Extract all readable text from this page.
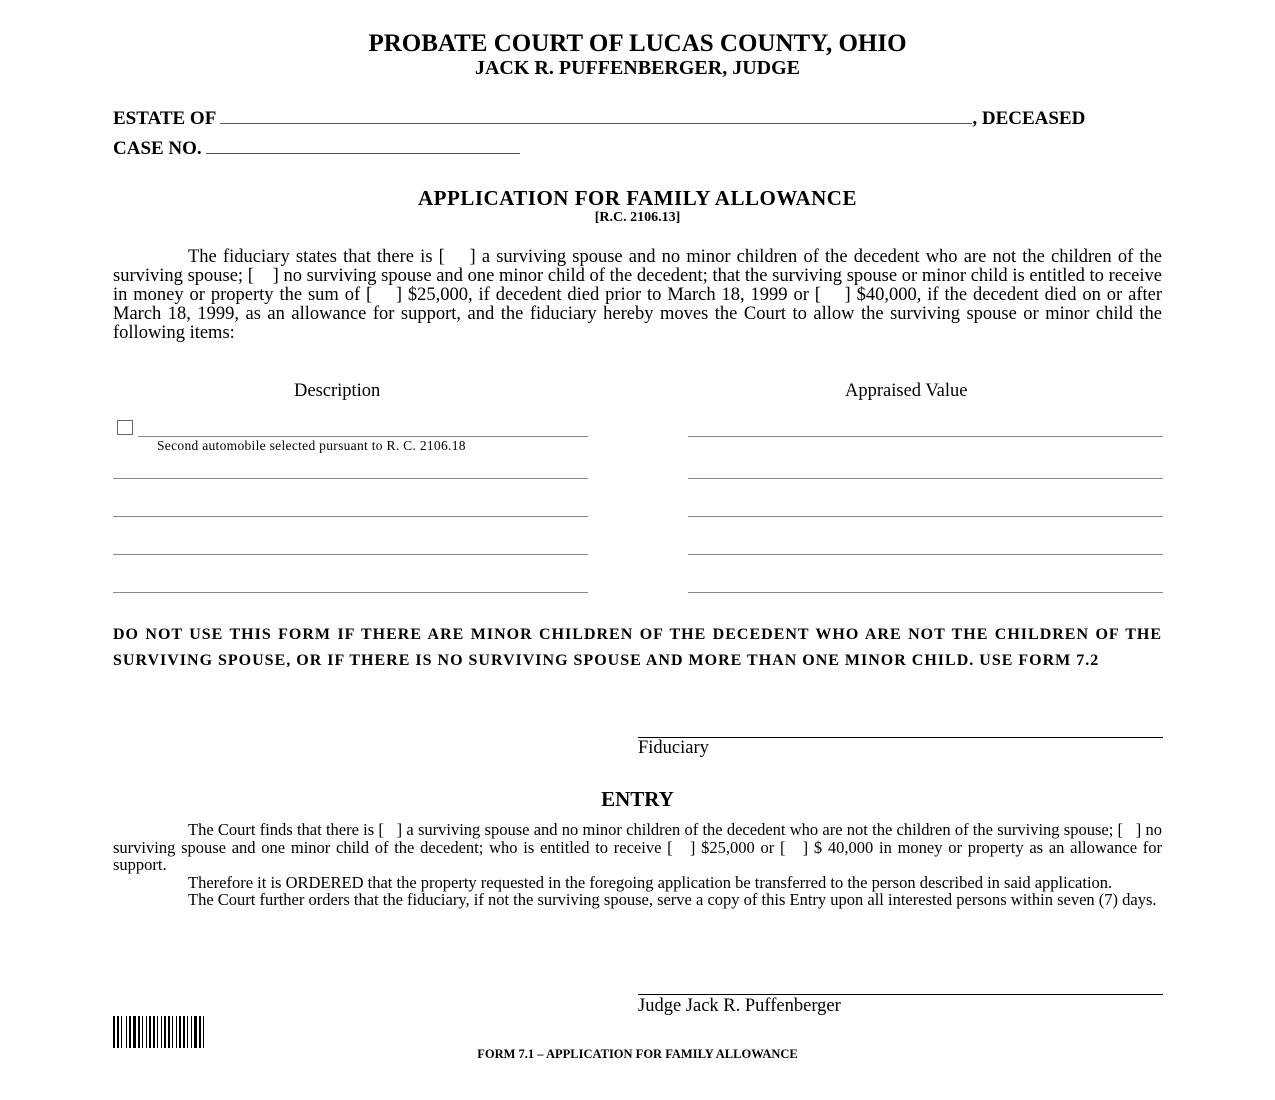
PROBATE COURT OF LUCAS COUNTY, OHIO
JACK R. PUFFENBERGER, JUDGE
ESTATE OF	, DECEASED
CASE NO.
APPLICATION FOR FAMILY ALLOWANCE
[R.C. 2106.13]
The fiduciary states that there is [    ] a surviving spouse and no minor children of the decedent who are not the children of the surviving spouse; [    ] no surviving spouse and one minor child of the decedent; that the surviving spouse or minor child is entitled to receive in money or property the sum of [    ] $25,000, if decedent died prior to March 18, 1999 or [    ] $40,000, if the decedent died on or after March 18, 1999, as an allowance for support, and the fiduciary hereby moves the Court to allow the surviving spouse or minor child the following items:
Description	Appraised Value
Second automobile selected pursuant to R. C. 2106.18
DO NOT USE THIS FORM IF THERE ARE MINOR CHILDREN OF THE DECEDENT WHO ARE NOT THE CHILDREN OF THE SURVIVING SPOUSE, OR IF THERE IS NO SURVIVING SPOUSE AND MORE THAN ONE MINOR CHILD. USE FORM 7.2
Fiduciary
ENTRY
The Court finds that there is [   ] a surviving spouse and no minor children of the decedent who are not the children of the surviving spouse; [   ] no surviving spouse and one minor child of the decedent; who is entitled to receive [   ] $25,000 or [   ] $ 40,000 in money or property as an allowance for support.
Therefore it is ORDERED that the property requested in the foregoing application be transferred to the person described in said application.
The Court further orders that the fiduciary, if not the surviving spouse, serve a copy of this Entry upon all interested persons within seven (7) days.
Judge Jack R. Puffenberger
FORM 7.1 – APPLICATION FOR FAMILY ALLOWANCE
